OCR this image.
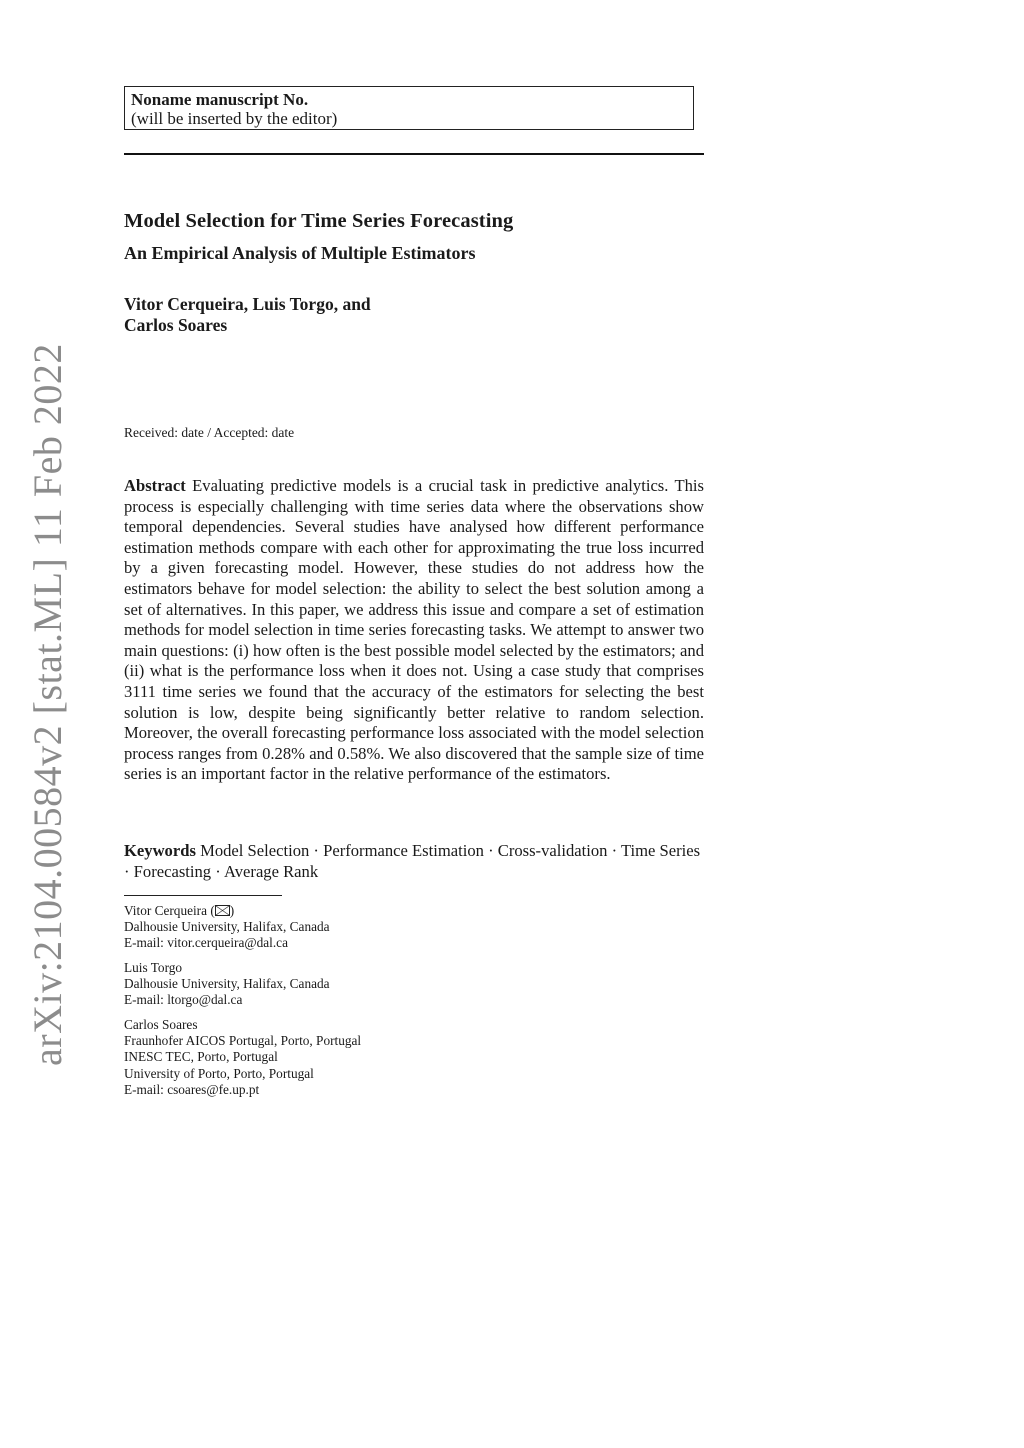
arXiv:2104.00584v2 [stat.ML] 11 Feb 2022
Noname manuscript No.
(will be inserted by the editor)
Model Selection for Time Series Forecasting
An Empirical Analysis of Multiple Estimators
Vitor Cerqueira, Luis Torgo, and
Carlos Soares
Received: date / Accepted: date
Abstract Evaluating predictive models is a crucial task in predictive analytics. This process is especially challenging with time series data where the observations show temporal dependencies. Several studies have analysed how different performance estimation methods compare with each other for approximating the true loss incurred by a given forecasting model. However, these studies do not address how the estimators behave for model selection: the ability to select the best solution among a set of alternatives. In this paper, we address this issue and compare a set of estimation methods for model selection in time series forecasting tasks. We attempt to answer two main questions: (i) how often is the best possible model selected by the estimators; and (ii) what is the performance loss when it does not. Using a case study that comprises 3111 time series we found that the accuracy of the estimators for selecting the best solution is low, despite being significantly better relative to random selection. Moreover, the overall forecasting performance loss associated with the model selection process ranges from 0.28% and 0.58%. We also discovered that the sample size of time series is an important factor in the relative performance of the estimators.
Keywords Model Selection · Performance Estimation · Cross-validation · Time Series · Forecasting · Average Rank
Vitor Cerqueira ( )
Dalhousie University, Halifax, Canada
E-mail: vitor.cerqueira@dal.ca
Luis Torgo
Dalhousie University, Halifax, Canada
E-mail: ltorgo@dal.ca
Carlos Soares
Fraunhofer AICOS Portugal, Porto, Portugal
INESC TEC, Porto, Portugal
University of Porto, Porto, Portugal
E-mail: csoares@fe.up.pt
